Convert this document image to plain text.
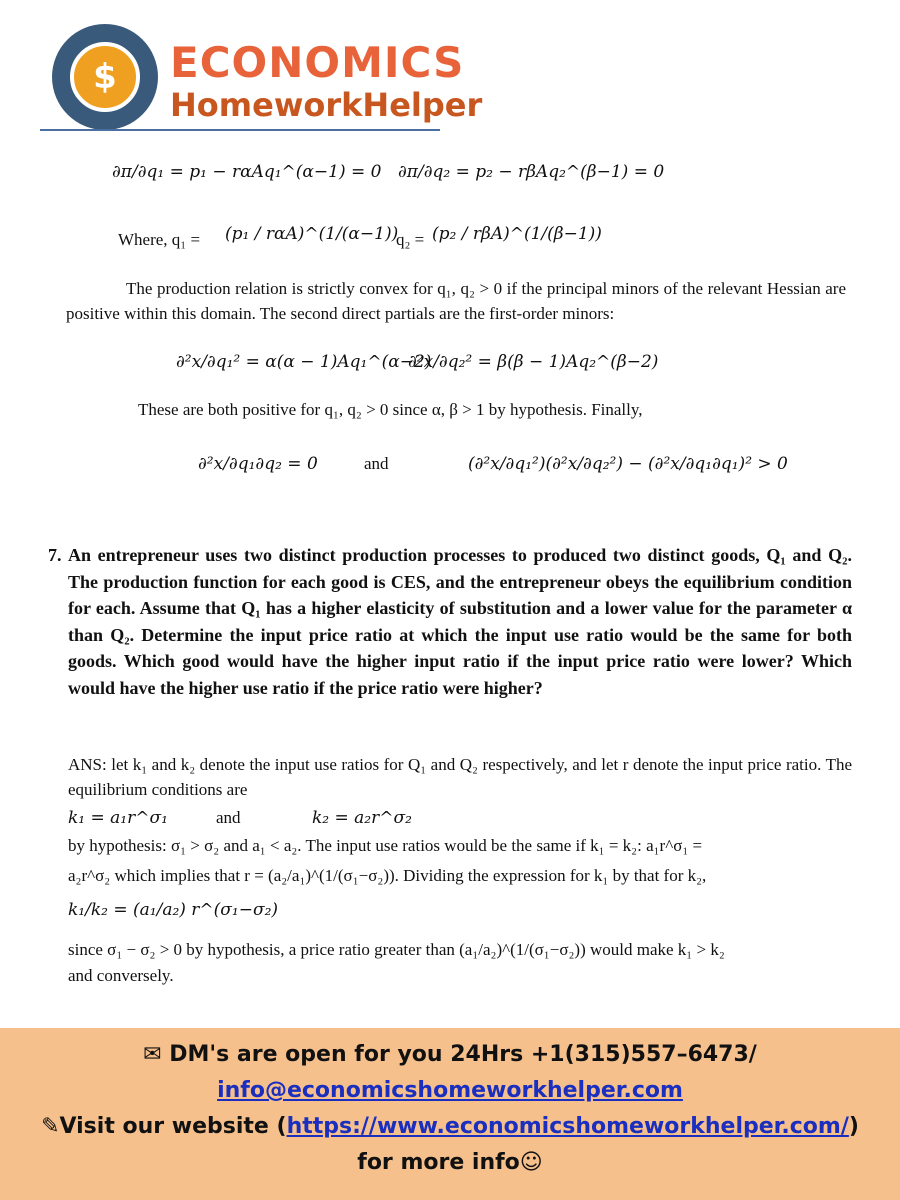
$	ECONOMICS
HomeworkHelper
∂π/∂q₁ = p₁ − rαAq₁^(α−1) = 0 ∂π/∂q₂ = p₂ − rβAq₂^(β−1) = 0
Where, q₁ = (p₁ / rαA)^(1/(α−1))
q₂ = (p₂ / rβA)^(1/(β−1))
The production relation is strictly convex for q₁, q₂ > 0 if the principal minors of the relevant Hessian are positive within this domain. The second direct partials are the first-order minors:
∂²x/∂q₁² = α(α − 1)Aq₁^(α−2)
∂²x/∂q₂² = β(β − 1)Aq₂^(β−2)
These are both positive for q₁, q₂ > 0 since α, β > 1 by hypothesis. Finally,
∂²x/∂q₁∂q₂ = 0	and	(∂²x/∂q₁²)(∂²x/∂q₂²) − (∂²x/∂q₁∂q₁)² > 0
7. An entrepreneur uses two distinct production processes to produced two distinct goods, Q₁ and Q₂. The production function for each good is CES, and the entrepreneur obeys the equilibrium condition for each. Assume that Q₁ has a higher elasticity of substitution and a lower value for the parameter α than Q₂. Determine the input price ratio at which the input use ratio would be the same for both goods. Which good would have the higher input ratio if the input price ratio were lower? Which would have the higher use ratio if the price ratio were higher?
ANS: let k₁ and k₂ denote the input use ratios for Q₁ and Q₂ respectively, and let r denote the input price ratio. The equilibrium conditions are
k₁ = a₁r^σ₁	and	k₂ = a₂r^σ₂
by hypothesis: σ₁ > σ₂ and a₁ < a₂. The input use ratios would be the same if k₁ = k₂: a₁r^σ₁ =
a₂r^σ₂ which implies that r = (a₂/a₁)^(1/(σ₁−σ₂)). Dividing the expression for k₁ by that for k₂,
k₁/k₂ = (a₁/a₂) r^(σ₁−σ₂)
since σ₁ − σ₂ > 0 by hypothesis, a price ratio greater than (a₁/a₂)^(1/(σ₁−σ₂)) would make k₁ > k₂
and conversely.
✉ DM's are open for you 24Hrs +1(315)557–6473/
info@economicshomeworkhelper.com
✎Visit our website (https://www.economicshomeworkhelper.com/)
for more info☺
